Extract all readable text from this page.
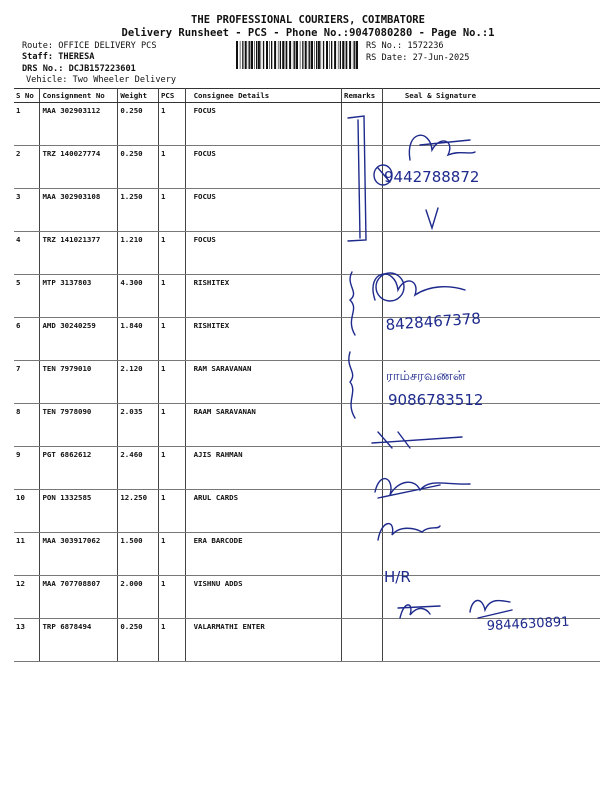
THE PROFESSIONAL COURIERS, COIMBATORE
Delivery Runsheet - PCS - Phone No.:9047080280 - Page No.:1
Route: OFFICE DELIVERY PCS
Staff: THERESA
DRS No.: DCJB157223601
Vehicle: Two Wheeler Delivery
RS No.: 1572236
RS Date: 27-Jun-2025
S No	Consignment No	Weight	PCS	Consignee Details	Remarks	Seal & Signature
1	MAA 302903112	0.250	1	FOCUS		
2	TRZ 140027774	0.250	1	FOCUS		
3	MAA 302903108	1.250	1	FOCUS		
4	TRZ 141021377	1.210	1	FOCUS		
5	MTP 3137803	4.300	1	RISHITEX		
6	AMD 30240259	1.840	1	RISHITEX		
7	TEN 7979010	2.120	1	RAM SARAVANAN		
8	TEN 7978090	2.035	1	RAAM SARAVANAN		
9	PGT 6862612	2.460	1	AJIS RAHMAN		
10	PON 1332585	12.250	1	ARUL CARDS		
11	MAA 303917062	1.500	1	ERA BARCODE		
12	MAA 707708807	2.000	1	VISHNU ADDS		
13	TRP 6878494	0.250	1	VALARMATHI ENTER		
9442788872
8428467378
ராம்சரவணன்
9086783512
H/R
9844630891
